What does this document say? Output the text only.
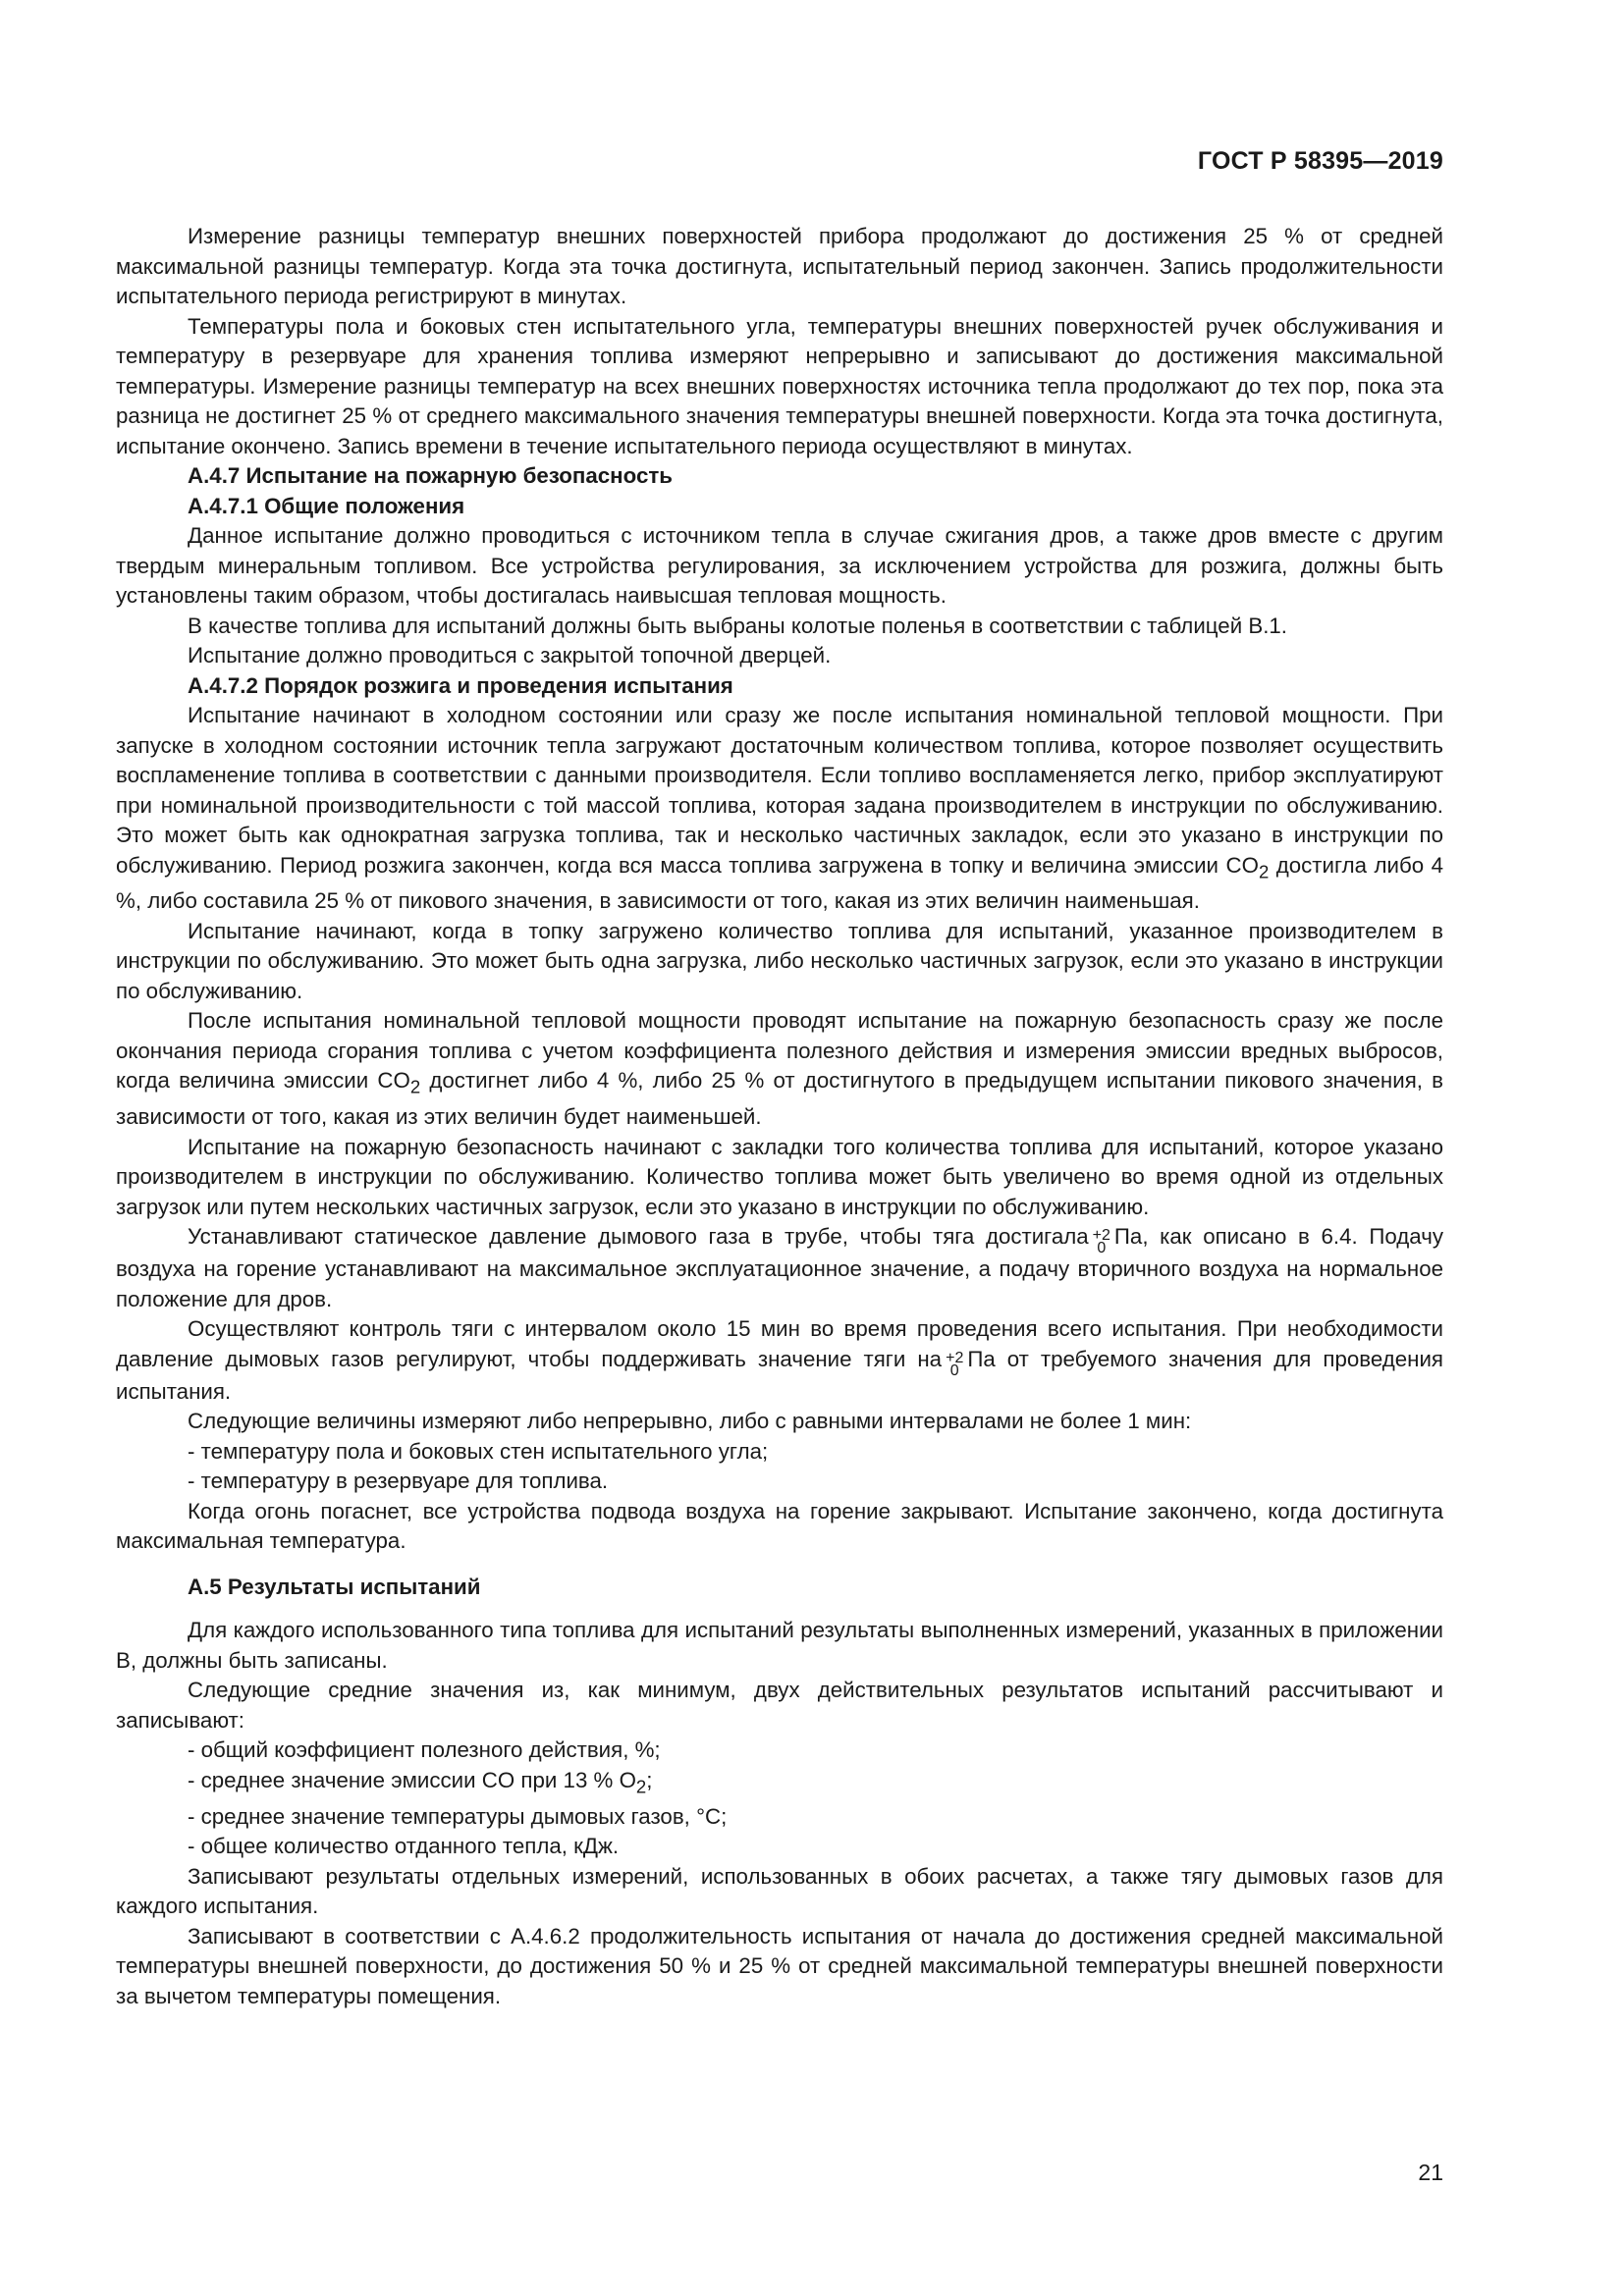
ГОСТ Р 58395—2019

Измерение разницы температур внешних поверхностей прибора продолжают до достижения 25 % от средней максимальной разницы температур. Когда эта точка достигнута, испытательный период закончен. Запись продолжительности испытательного периода регистрируют в минутах.

Температуры пола и боковых стен испытательного угла, температуры внешних поверхностей ручек обслуживания и температуру в резервуаре для хранения топлива измеряют непрерывно и записывают до достижения максимальной температуры. Измерение разницы температур на всех внешних поверхностях источника тепла продолжают до тех пор, пока эта разница не достигнет 25 % от среднего максимального значения температуры внешней поверхности. Когда эта точка достигнута, испытание окончено. Запись времени в течение испытательного периода осуществляют в минутах.

А.4.7 Испытание на пожарную безопасность

А.4.7.1 Общие положения

Данное испытание должно проводиться с источником тепла в случае сжигания дров, а также дров вместе с другим твердым минеральным топливом. Все устройства регулирования, за исключением устройства для розжига, должны быть установлены таким образом, чтобы достигалась наивысшая тепловая мощность.

В качестве топлива для испытаний должны быть выбраны колотые поленья в соответствии с таблицей В.1.

Испытание должно проводиться с закрытой топочной дверцей.

А.4.7.2 Порядок розжига и проведения испытания

Испытание начинают в холодном состоянии или сразу же после испытания номинальной тепловой мощности. При запуске в холодном состоянии источник тепла загружают достаточным количеством топлива, которое позволяет осуществить воспламенение топлива в соответствии с данными производителя. Если топливо воспламеняется легко, прибор эксплуатируют при номинальной производительности с той массой топлива, которая задана производителем в инструкции по обслуживанию. Это может быть как однократная загрузка топлива, так и несколько частичных закладок, если это указано в инструкции по обслуживанию. Период розжига закончен, когда вся масса топлива загружена в топку и величина эмиссии $CO_2$ достигла либо 4 %, либо составила 25 % от пикового значения, в зависимости от того, какая из этих величин наименьшая.

Испытание начинают, когда в топку загружено количество топлива для испытаний, указанное производителем в инструкции по обслуживанию. Это может быть одна загрузка, либо несколько частичных загрузок, если это указано в инструкции по обслуживанию.

После испытания номинальной тепловой мощности проводят испытание на пожарную безопасность сразу же после окончания периода сгорания топлива с учетом коэффициента полезного действия и измерения эмиссии вредных выбросов, когда величина эмиссии $CO_2$ достигнет либо 4 %, либо 25 % от достигнутого в предыдущем испытании пикового значения, в зависимости от того, какая из этих величин будет наименьшей.

Испытание на пожарную безопасность начинают с закладки того количества топлива для испытаний, которое указано производителем в инструкции по обслуживанию. Количество топлива может быть увеличено во время одной из отдельных загрузок или путем нескольких частичных загрузок, если это указано в инструкции по обслуживанию.

Устанавливают статическое давление дымового газа в трубе, чтобы тяга достигала +2
0 Па, как описано в 6.4. Подачу воздуха на горение устанавливают на максимальное эксплуатационное значение, а подачу вторичного воздуха на нормальное положение для дров.

Осуществляют контроль тяги с интервалом около 15 мин во время проведения всего испытания. При необходимости давление дымовых газов регулируют, чтобы поддерживать значение тяги на +2
0 Па от требуемого значения для проведения испытания.

Следующие величины измеряют либо непрерывно, либо с равными интервалами не более 1 мин:

- температуру пола и боковых стен испытательного угла;

- температуру в резервуаре для топлива.

Когда огонь погаснет, все устройства подвода воздуха на горение закрывают. Испытание закончено, когда достигнута максимальная температура.

А.5 Результаты испытаний

Для каждого использованного типа топлива для испытаний результаты выполненных измерений, указанных в приложении В, должны быть записаны.

Следующие средние значения из, как минимум, двух действительных результатов испытаний рассчитывают и записывают:

- общий коэффициент полезного действия, %;

- среднее значение эмиссии CO при 13 % $O_2$;

- среднее значение температуры дымовых газов, °С;

- общее количество отданного тепла, кДж.

Записывают результаты отдельных измерений, использованных в обоих расчетах, а также тягу дымовых газов для каждого испытания.

Записывают в соответствии с А.4.6.2 продолжительность испытания от начала до достижения средней максимальной температуры внешней поверхности, до достижения 50 % и 25 % от средней максимальной температуры внешней поверхности за вычетом температуры помещения.

21
